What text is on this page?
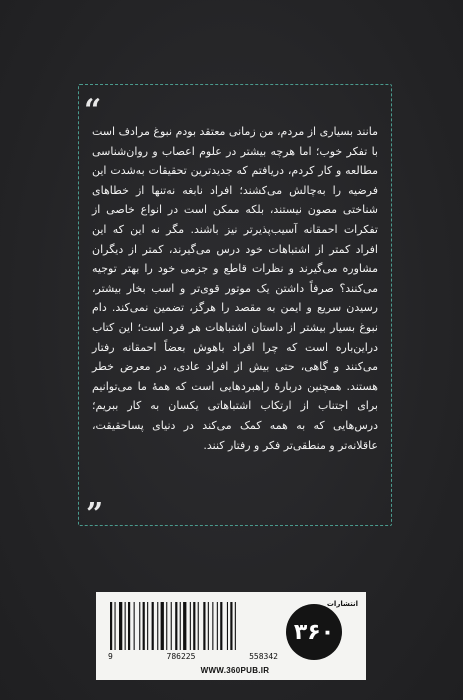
“

مانند بسیاری از مردم، من زمانی معتقد بودم نبوغ مرادف است با تفکر خوب؛ اما هرچه بیشتر در علوم اعصاب و روان‌شناسی مطالعه و کار کردم، دریافتم که جدیدترین تحقیقات به‌شدت این فرضیه را به‌چالش می‌کشند؛ افراد نابغه نه‌تنها از خطاهای شناختی مصون نیستند، بلکه ممکن است در انواع خاصی از تفکرات احمقانه آسیب‌پذیرتر نیز باشند. مگر نه این که این افراد کمتر از اشتباهات خود درس می‌گیرند، کمتر از دیگران مشاوره می‌گیرند و نظرات قاطع و جزمی خود را بهتر توجیه می‌کنند؟ صرفاً داشتن یک موتور قوی‌تر و اسب بخار بیشتر، رسیدن سریع و ایمن به مقصد را هرگز، تضمین نمی‌کند. دام نبوغ بسیار بیشتر از داستان اشتباهات هر فرد است؛ این کتاب دراین‌باره است که چرا افراد باهوش بعضاً احمقانه رفتار می‌کنند و گاهی، حتی بیش از افراد عادی، در معرض خطر هستند. همچنین دربارهٔ راهبردهایی است که همهٔ ما می‌توانیم برای اجتناب از ارتکاب اشتباهاتی یکسان به کار ببریم؛ درس‌هایی که به همه کمک می‌کند در دنیای پساحقیقت، عاقلانه‌تر و منطقی‌تر فکر و رفتار کنند.

”
9	786225	558342
۳۶۰
انتشارات
WWW.360PUB.IR
